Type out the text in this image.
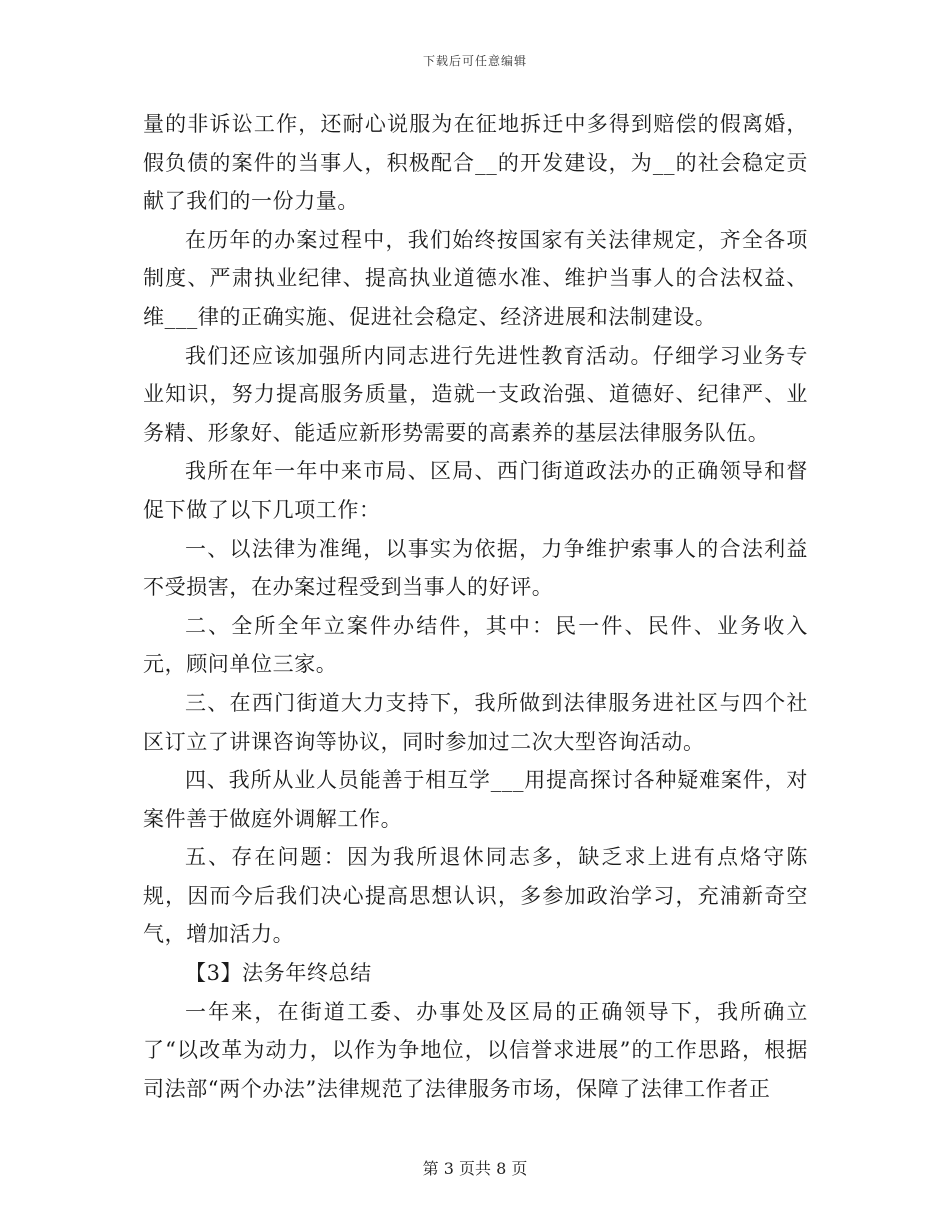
下载后可任意编辑

量的非诉讼工作，还耐心说服为在征地拆迁中多得到赔偿的假离婚，假负债的案件的当事人，积极配合__的开发建设，为__的社会稳定贡献了我们的一份力量。

在历年的办案过程中，我们始终按国家有关法律规定，齐全各项制度、严肃执业纪律、提高执业道德水准、维护当事人的合法权益、维___律的正确实施、促进社会稳定、经济进展和法制建设。

我们还应该加强所内同志进行先进性教育活动。仔细学习业务专业知识，努力提高服务质量，造就一支政治强、道德好、纪律严、业务精、形象好、能适应新形势需要的高素养的基层法律服务队伍。

我所在年一年中来市局、区局、西门街道政法办的正确领导和督促下做了以下几项工作：

一、以法律为准绳，以事实为依据，力争维护索事人的合法利益不受损害，在办案过程受到当事人的好评。

二、全所全年立案件办结件，其中：民一件、民件、业务收入元，顾问单位三家。

三、在西门街道大力支持下，我所做到法律服务进社区与四个社区订立了讲课咨询等协议，同时参加过二次大型咨询活动。

四、我所从业人员能善于相互学___用提高探讨各种疑难案件，对案件善于做庭外调解工作。

五、存在问题：因为我所退休同志多，缺乏求上进有点烙守陈规，因而今后我们决心提高思想认识，多参加政治学习，充浦新奇空气，增加活力。

【3】法务年终总结

一年来，在街道工委、办事处及区局的正确领导下，我所确立了“以改革为动力，以作为争地位，以信誉求进展”的工作思路，根据司法部“两个办法”法律规范了法律服务市场，保障了法律工作者正

第 3 页共 8 页
